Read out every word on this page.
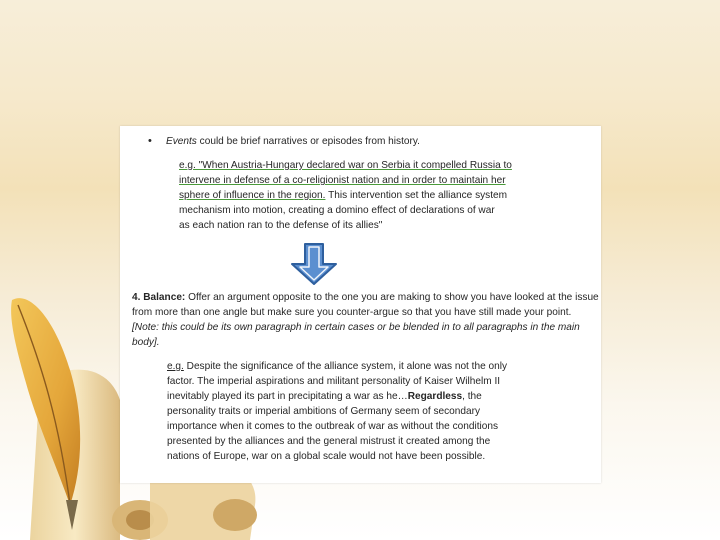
•	Events could be brief narratives or episodes from history.
e.g. "When Austria-Hungary declared war on Serbia it compelled Russia to
intervene in defense of a co-religionist nation and in order to maintain her
sphere of influence in the region. This intervention set the alliance system
mechanism into motion, creating a domino effect of declarations of war
as each nation ran to the defense of its allies"
4. Balance: Offer an argument opposite to the one you are making to show you have looked at the issue
from more than one angle but make sure you counter-argue so that you have still made your point.
[Note: this could be its own paragraph in certain cases or be blended in to all paragraphs in the main
body].
e.g. Despite the significance of the alliance system, it alone was not the only
factor. The imperial aspirations and militant personality of Kaiser Wilhelm II
inevitably played its part in precipitating a war as he…Regardless, the
personality traits or imperial ambitions of Germany seem of secondary
importance when it comes to the outbreak of war as without the conditions
presented by the alliances and the general mistrust it created among the
nations of Europe, war on a global scale would not have been possible.
